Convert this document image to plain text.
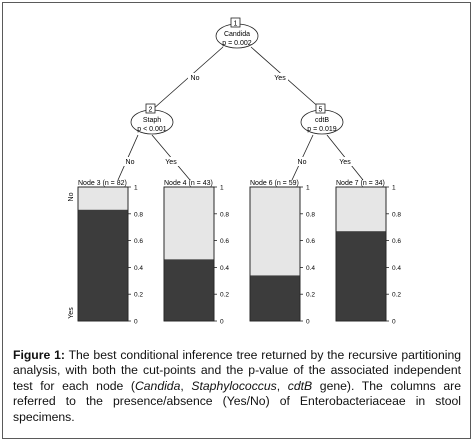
1
Candida
p = 0.002
2
Staph
p < 0.001
5
cdtB
p = 0.019
No	Yes
No	Yes	No	Yes
No
Yes
Node 3 (n = 82)
1
0.8
0.6
0.4
0.2
0
Node 4 (n = 43)
1
0.8
0.6
0.4
0.2
0
Node 6 (n = 59)
1
0.8
0.6
0.4
0.2
0
Node 7 (n = 34)
1
0.8
0.6
0.4
0.2
0
Figure 1: The best conditional inference tree returned by the recursive partitioning analysis, with both the cut-points and the p-value of the associated independent test for each node (Candida, Staphylococcus, cdtB gene). The columns are referred to the presence/absence (Yes/No) of Enterobacteriaceae in stool specimens.
